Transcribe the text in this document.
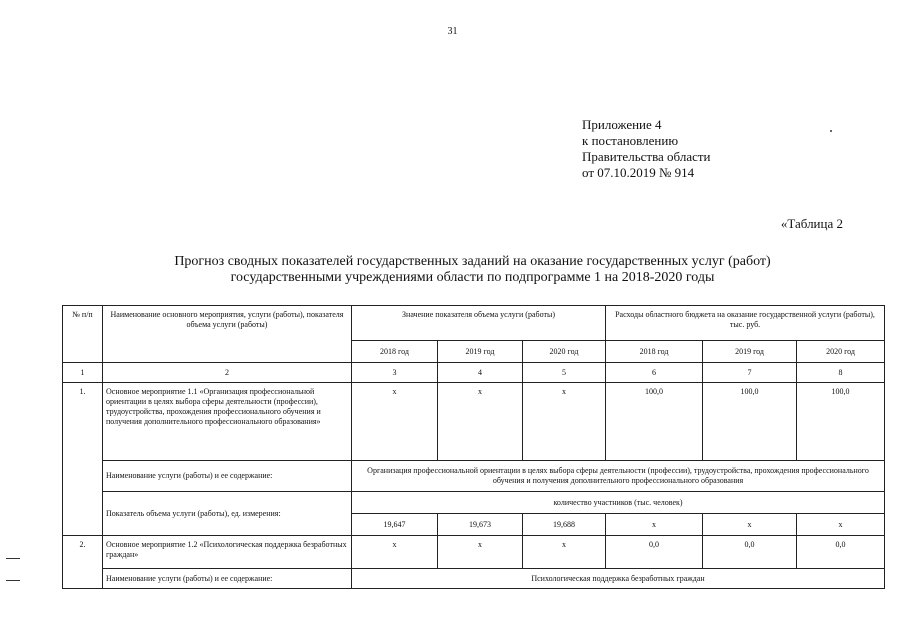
31
Приложение 4
к постановлению
Правительства области
от 07.10.2019 № 914
«Таблица 2
Прогноз сводных показателей государственных заданий на оказание государственных услуг (работ)
государственными учреждениями области по подпрограмме 1 на 2018-2020 годы
№ п/п	Наименование основного мероприятия, услуги (работы), показателя объема услуги (работы)	Значение показателя объема услуги (работы)			Расходы областного бюджета на оказание государственной услуги (работы), тыс. руб.		
		2018 год	2019 год	2020 год	2018 год	2019 год	2020 год
1	2	3	4	5	6	7	8
1.	Основное мероприятие 1.1 «Организация профессиональной ориентации в целях выбора сферы деятельности (профессии), трудоустройства, прохождения профессионального обучения и получения дополнительного профессионального образования»	х	х	х	100,0	100,0	100,0
	Наименование услуги (работы) и ее содержание:	Организация профессиональной ориентации в целях выбора сферы деятельности (профессии), трудоустройства, прохождения профессионального обучения и получения дополнительного профессионального образования					
	Показатель объема услуги (работы), ед. измерения:	количество участников (тыс. человек)					
		19,647	19,673	19,688	х	х	х
2.	Основное мероприятие 1.2 «Психологическая поддержка безработных граждан»	х	х	х	0,0	0,0	0,0
	Наименование услуги (работы) и ее содержание:	Психологическая поддержка безработных граждан					
